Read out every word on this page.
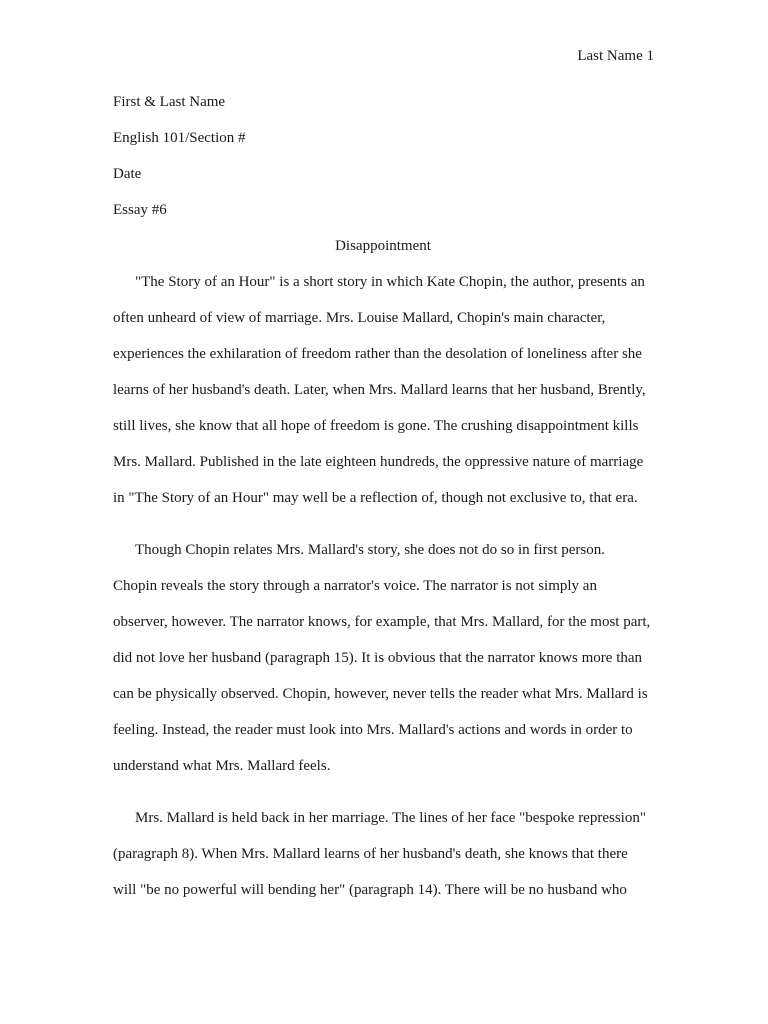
Last Name 1
First & Last Name
English 101/Section #
Date
Essay #6
Disappointment
"The Story of an Hour" is a short story in which Kate Chopin, the author, presents an
often unheard of view of marriage. Mrs. Louise Mallard, Chopin's main character,
experiences the exhilaration of freedom rather than the desolation of loneliness after she
learns of her husband's death. Later, when Mrs. Mallard learns that her husband, Brently,
still lives, she know that all hope of freedom is gone. The crushing disappointment kills
Mrs. Mallard. Published in the late eighteen hundreds, the oppressive nature of marriage
in "The Story of an Hour" may well be a reflection of, though not exclusive to, that era.
Though Chopin relates Mrs. Mallard's story, she does not do so in first person.
Chopin reveals the story through a narrator's voice. The narrator is not simply an
observer, however. The narrator knows, for example, that Mrs. Mallard, for the most part,
did not love her husband (paragraph 15). It is obvious that the narrator knows more than
can be physically observed. Chopin, however, never tells the reader what Mrs. Mallard is
feeling. Instead, the reader must look into Mrs. Mallard's actions and words in order to
understand what Mrs. Mallard feels.
Mrs. Mallard is held back in her marriage. The lines of her face "bespoke repression"
(paragraph 8). When Mrs. Mallard learns of her husband's death, she knows that there
will "be no powerful will bending her" (paragraph 14). There will be no husband who
